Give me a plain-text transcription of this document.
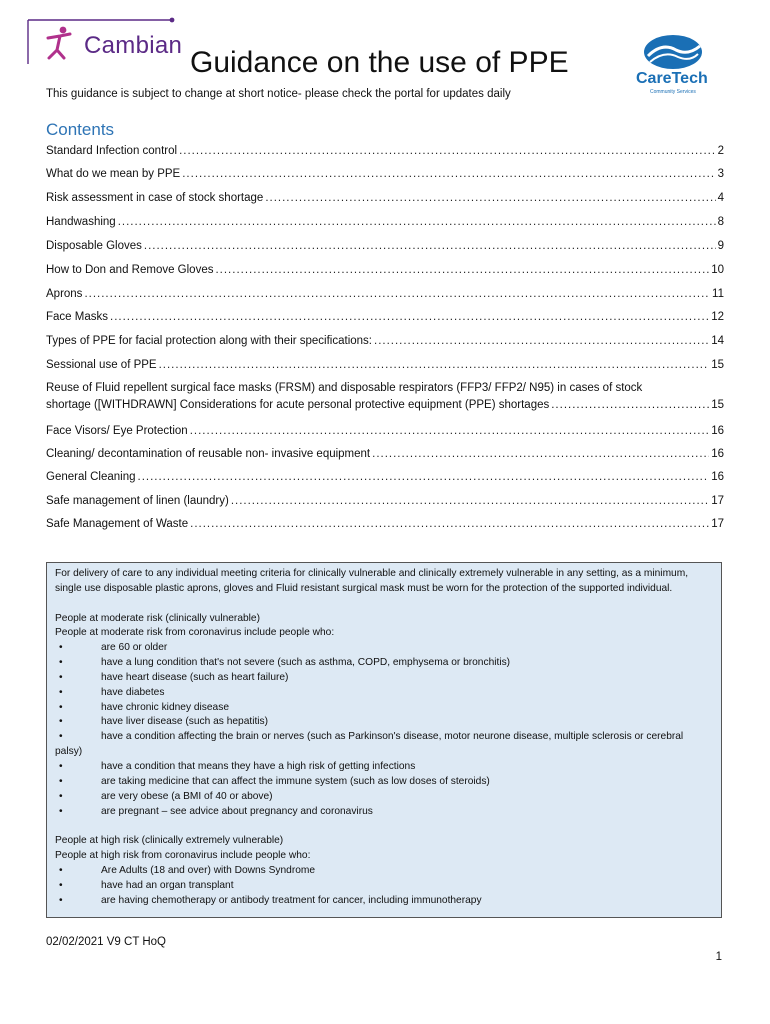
Cambian
CareTech
Community Services
Guidance on the use of PPE
This guidance is subject to change at short notice- please check the portal for updates daily
Contents
Standard Infection control .....	2
What do we mean by PPE .....	3
Risk assessment in case of stock shortage .....	4
Handwashing .....	8
Disposable Gloves .....	9
How to Don and Remove Gloves .....	10
Aprons .....	11
Face Masks .....	12
Types of PPE for facial protection along with their specifications: .....	14
Sessional use of PPE .....	15
Reuse of Fluid repellent surgical face masks (FRSM) and disposable respirators (FFP3/ FFP2/ N95) in cases of stock
shortage ([WITHDRAWN] Considerations for acute personal protective equipment (PPE) shortages .....	15
Face Visors/ Eye Protection .....	16
Cleaning/ decontamination of reusable non- invasive equipment .....	16
General Cleaning .....	16
Safe management of linen (laundry) .....	17
Safe Management of Waste .....	17

For delivery of care to any individual meeting criteria for clinically vulnerable and clinically extremely vulnerable in any setting, as a minimum, single use disposable plastic aprons, gloves and Fluid resistant surgical mask must be worn for the protection of the supported individual.

People at moderate risk (clinically vulnerable)

People at moderate risk from coronavirus include people who:

•	are 60 or older
•	have a lung condition that's not severe (such as asthma, COPD, emphysema or bronchitis)
•	have heart disease (such as heart failure)
•	have diabetes
•	have chronic kidney disease
•	have liver disease (such as hepatitis)
•	have a condition affecting the brain or nerves (such as Parkinson's disease, motor neurone disease, multiple sclerosis or cerebral palsy)
•	have a condition that means they have a high risk of getting infections
•	are taking medicine that can affect the immune system (such as low doses of steroids)
•	are very obese (a BMI of 40 or above)
•	are pregnant – see advice about pregnancy and coronavirus

People at high risk (clinically extremely vulnerable)

People at high risk from coronavirus include people who:

•	Are Adults (18 and over) with Downs Syndrome
•	have had an organ transplant
•	are having chemotherapy or antibody treatment for cancer, including immunotherapy
02/02/2021 V9 CT HoQ
1
